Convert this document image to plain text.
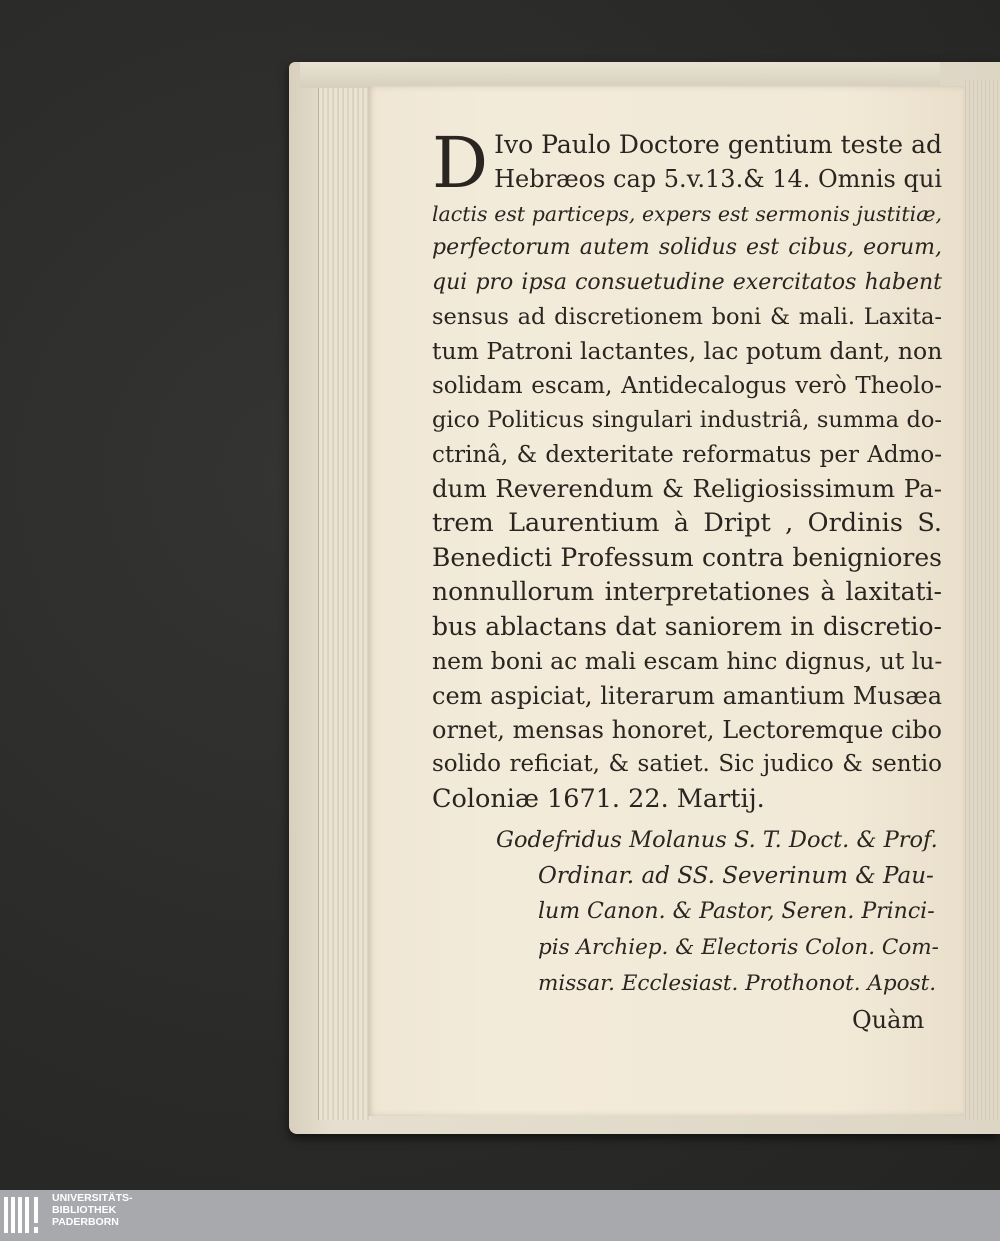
D Ivo Paulo Doctore gentium teste ad
Hebræos cap 5.v.13.& 14. Omnis qui
lactis est particeps, expers est sermonis justitiæ,
perfectorum autem solidus est cibus, eorum,
qui pro ipsa consuetudine exercitatos habent
sensus ad discretionem boni & mali. Laxita-
tum Patroni lactantes, lac potum dant, non
solidam escam, Antidecalogus verò Theolo-
gico Politicus singulari industriâ, summa do-
ctrinâ, & dexteritate reformatus per Admo-
dum Reverendum & Religiosissimum Pa-
trem Laurentium à Dript , Ordinis S.
Benedicti Professum contra benigniores
nonnullorum interpretationes à laxitati-
bus ablactans dat saniorem in discretio-
nem boni ac mali escam hinc dignus, ut lu-
cem aspiciat, literarum amantium Musæa
ornet, mensas honoret, Lectoremque cibo
solido reficiat, & satiet. Sic judico & sentio
Coloniæ 1671. 22. Martij.
Godefridus Molanus S. T. Doct. & Prof.
Ordinar. ad SS. Severinum & Pau-
lum Canon. & Pastor, Seren. Princi-
pis Archiep. & Electoris Colon. Com-
missar. Ecclesiast. Prothonot. Apost.
Quàm
UNIVERSITÄTS-
BIBLIOTHEK
PADERBORN
